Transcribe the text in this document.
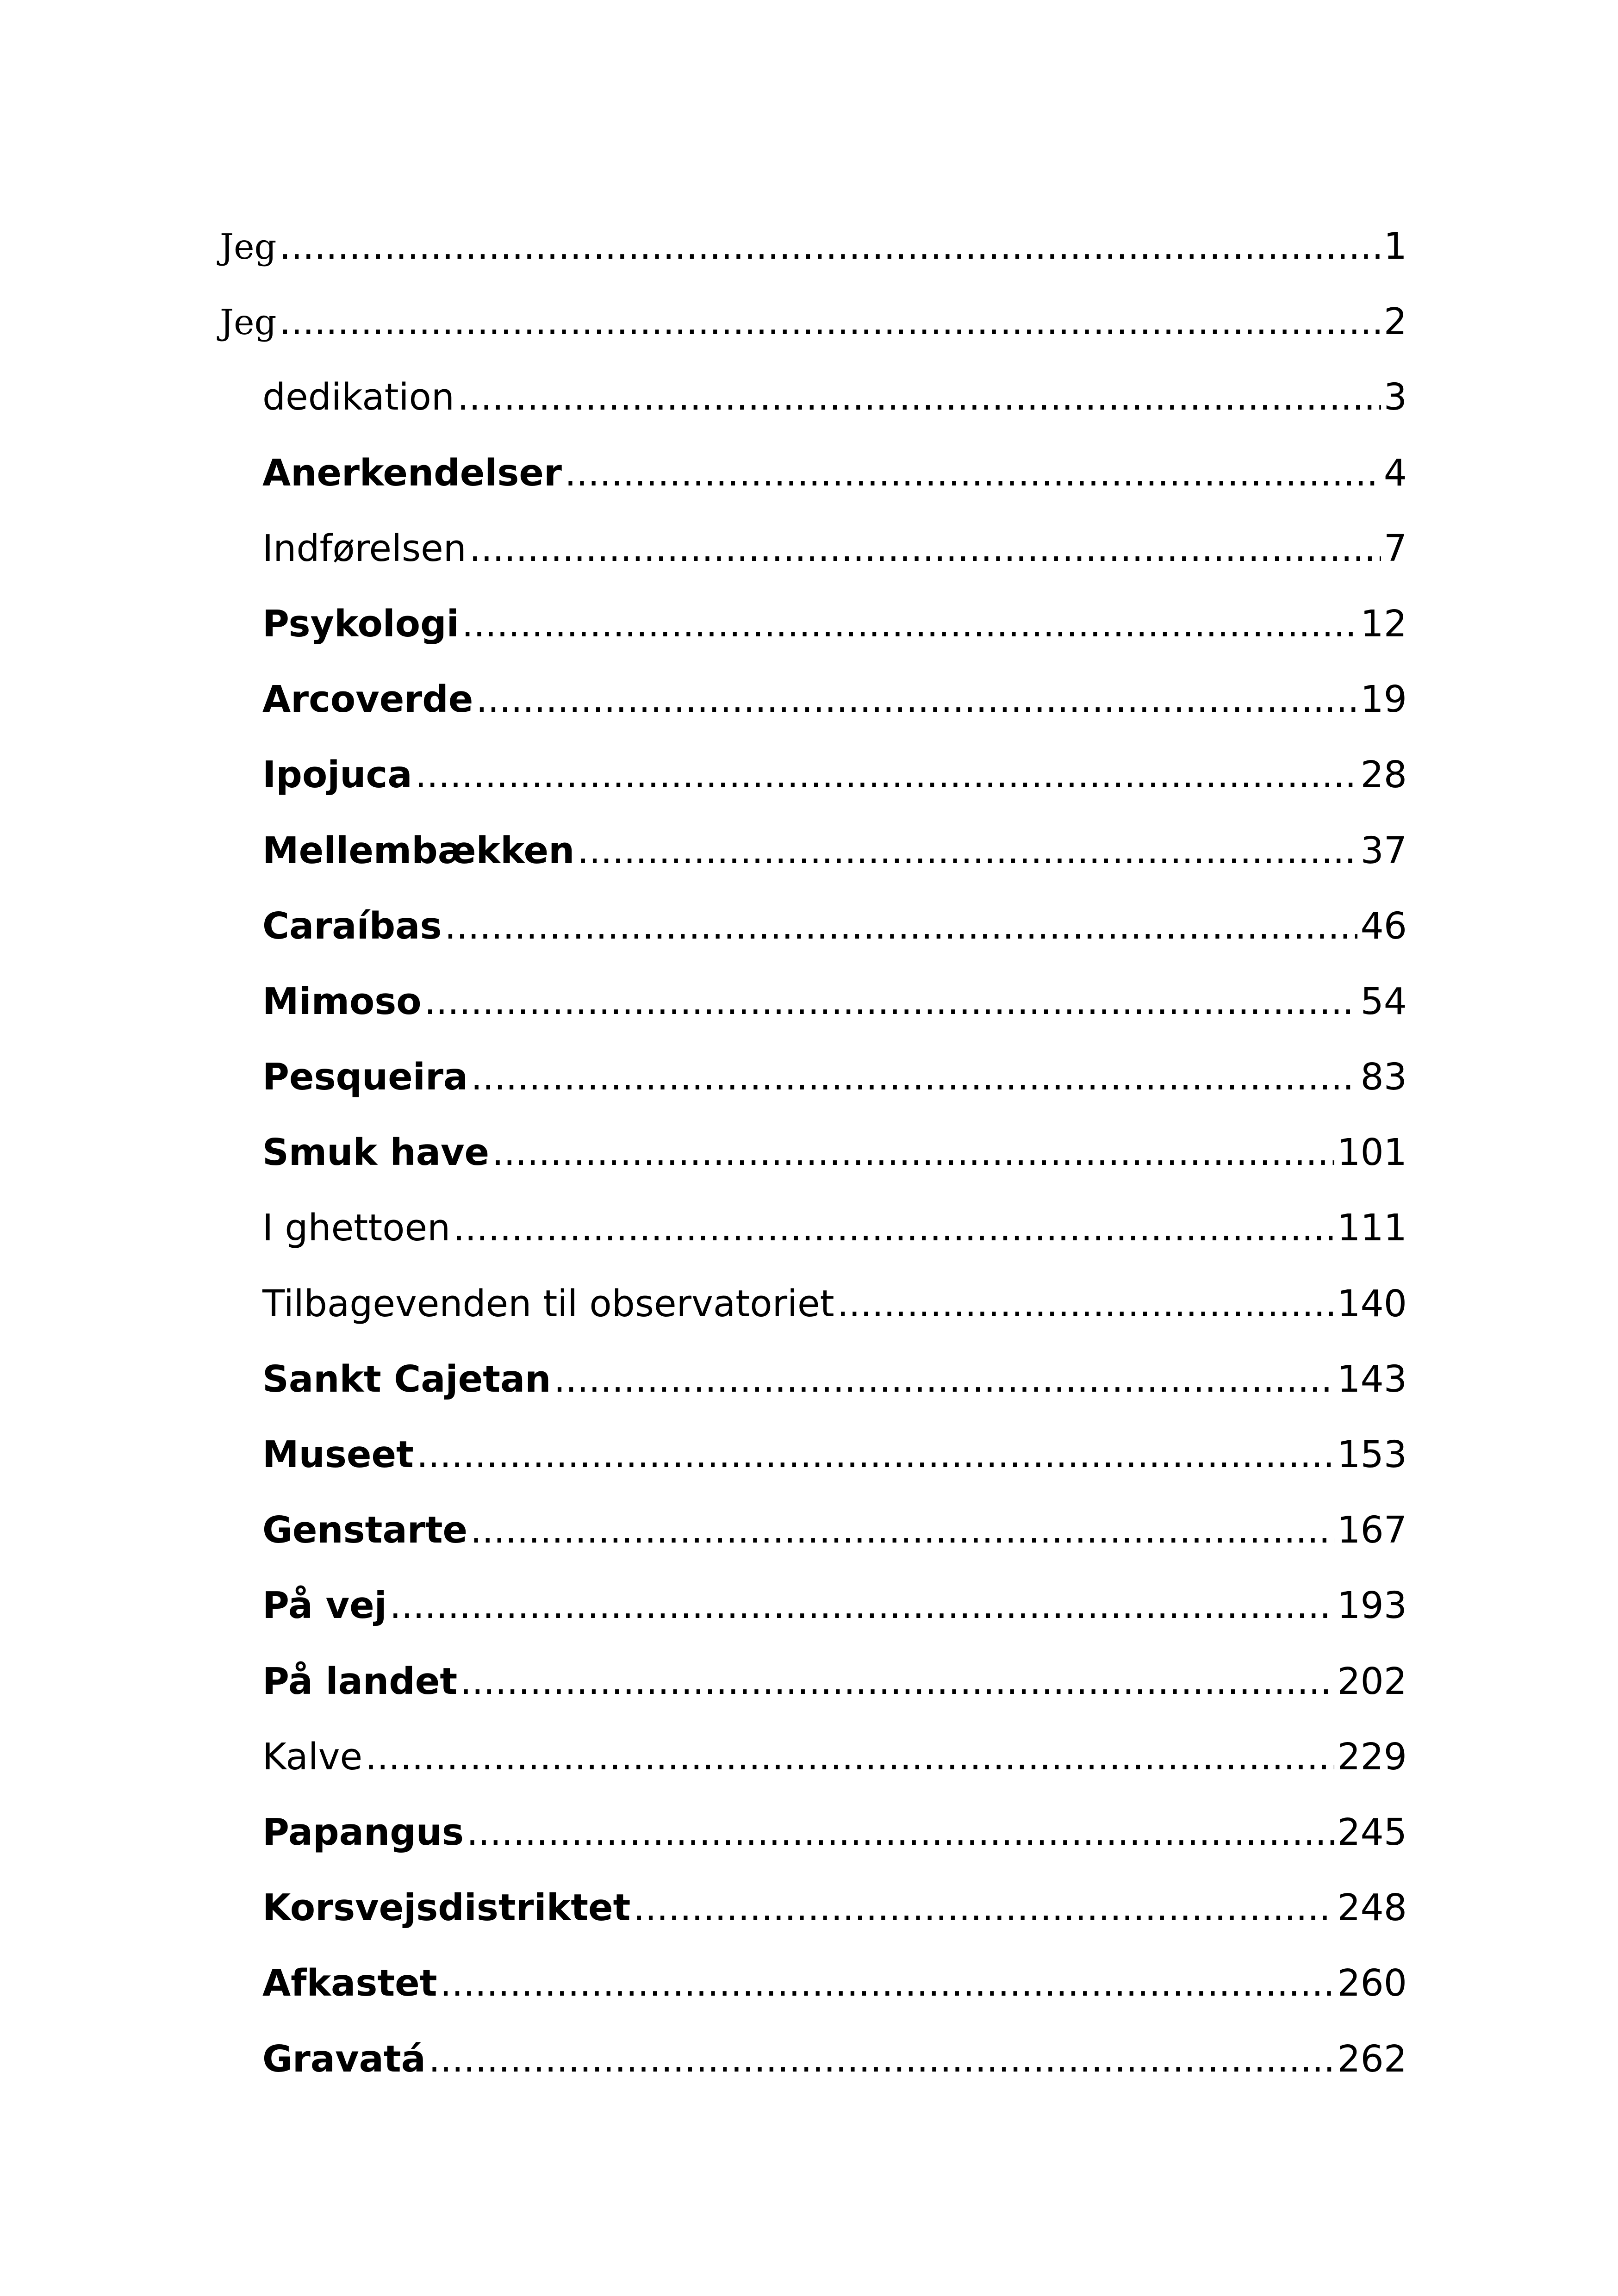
Jeg .....	1
Jeg .....	2
dedikation .....	3
Anerkendelser .....	4
Indførelsen .....	7
Psykologi .....	12
Arcoverde .....	19
Ipojuca .....	28
Mellembækken .....	37
Caraíbas .....	46
Mimoso .....	54
Pesqueira .....	83
Smuk have .....	101
I ghettoen .....	111
Tilbagevenden til observatoriet .....	140
Sankt Cajetan .....	143
Museet .....	153
Genstarte .....	167
På vej .....	193
På landet .....	202
Kalve .....	229
Papangus .....	245
Korsvejsdistriktet .....	248
Afkastet .....	260
Gravatá .....	262
